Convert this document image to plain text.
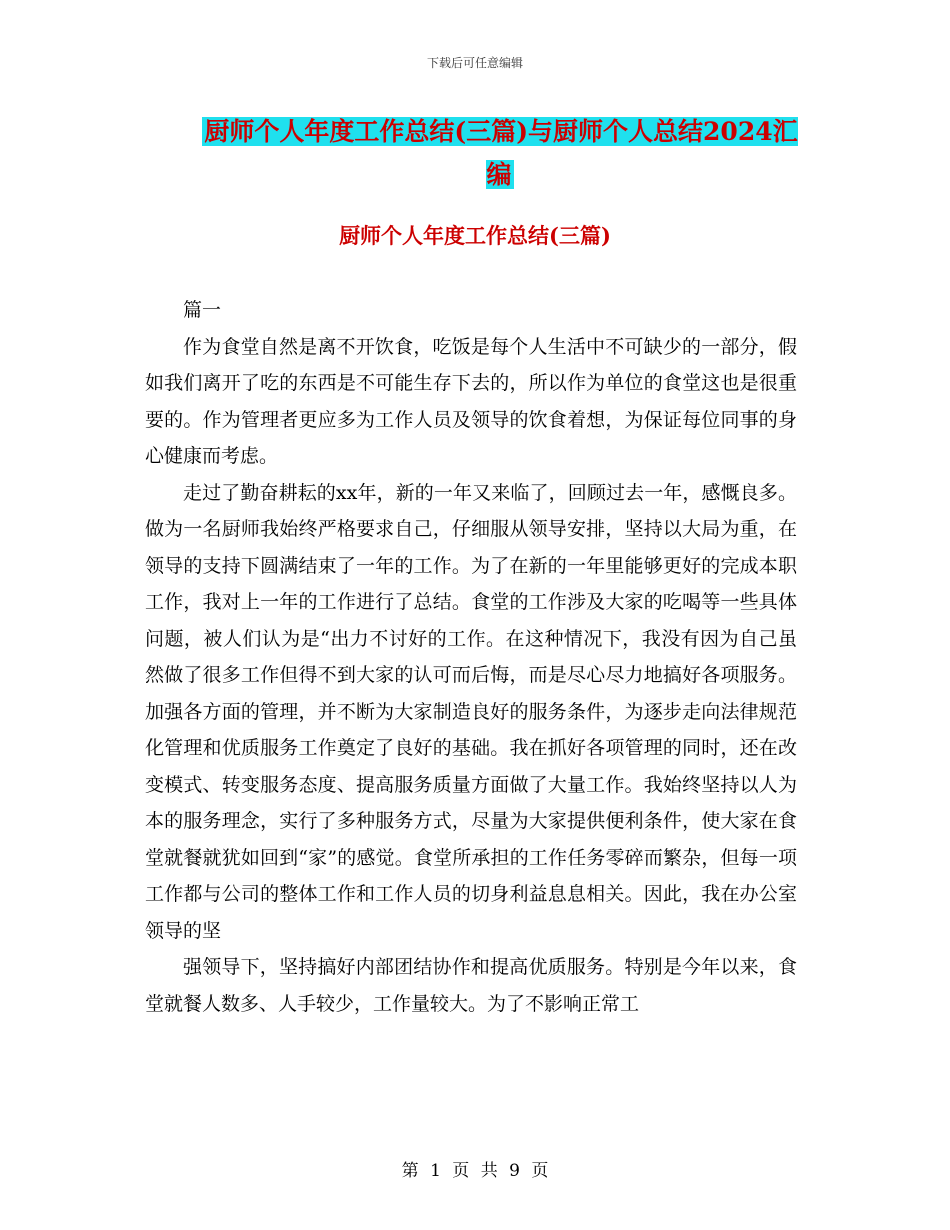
下载后可任意编辑
厨师个人年度工作总结(三篇)与厨师个人总结2024汇编
厨师个人年度工作总结(三篇)

篇一

作为食堂自然是离不开饮食，吃饭是每个人生活中不可缺少的一部分，假如我们离开了吃的东西是不可能生存下去的，所以作为单位的食堂这也是很重要的。作为管理者更应多为工作人员及领导的饮食着想，为保证每位同事的身心健康而考虑。

走过了勤奋耕耘的xx年，新的一年又来临了，回顾过去一年，感慨良多。做为一名厨师我始终严格要求自己，仔细服从领导安排，坚持以大局为重，在领导的支持下圆满结束了一年的工作。为了在新的一年里能够更好的完成本职工作，我对上一年的工作进行了总结。食堂的工作涉及大家的吃喝等一些具体问题，被人们认为是“出力不讨好的工作。在这种情况下，我没有因为自己虽然做了很多工作但得不到大家的认可而后悔，而是尽心尽力地搞好各项服务。加强各方面的管理，并不断为大家制造良好的服务条件，为逐步走向法律规范化管理和优质服务工作奠定了良好的基础。我在抓好各项管理的同时，还在改变模式、转变服务态度、提高服务质量方面做了大量工作。我始终坚持以人为本的服务理念，实行了多种服务方式，尽量为大家提供便利条件，使大家在食堂就餐就犹如回到“家”的感觉。食堂所承担的工作任务零碎而繁杂，但每一项工作都与公司的整体工作和工作人员的切身利益息息相关。因此，我在办公室领导的坚

强领导下，坚持搞好内部团结协作和提高优质服务。特别是今年以来，食堂就餐人数多、人手较少，工作量较大。为了不影响正常工

第 1 页 共 9 页
